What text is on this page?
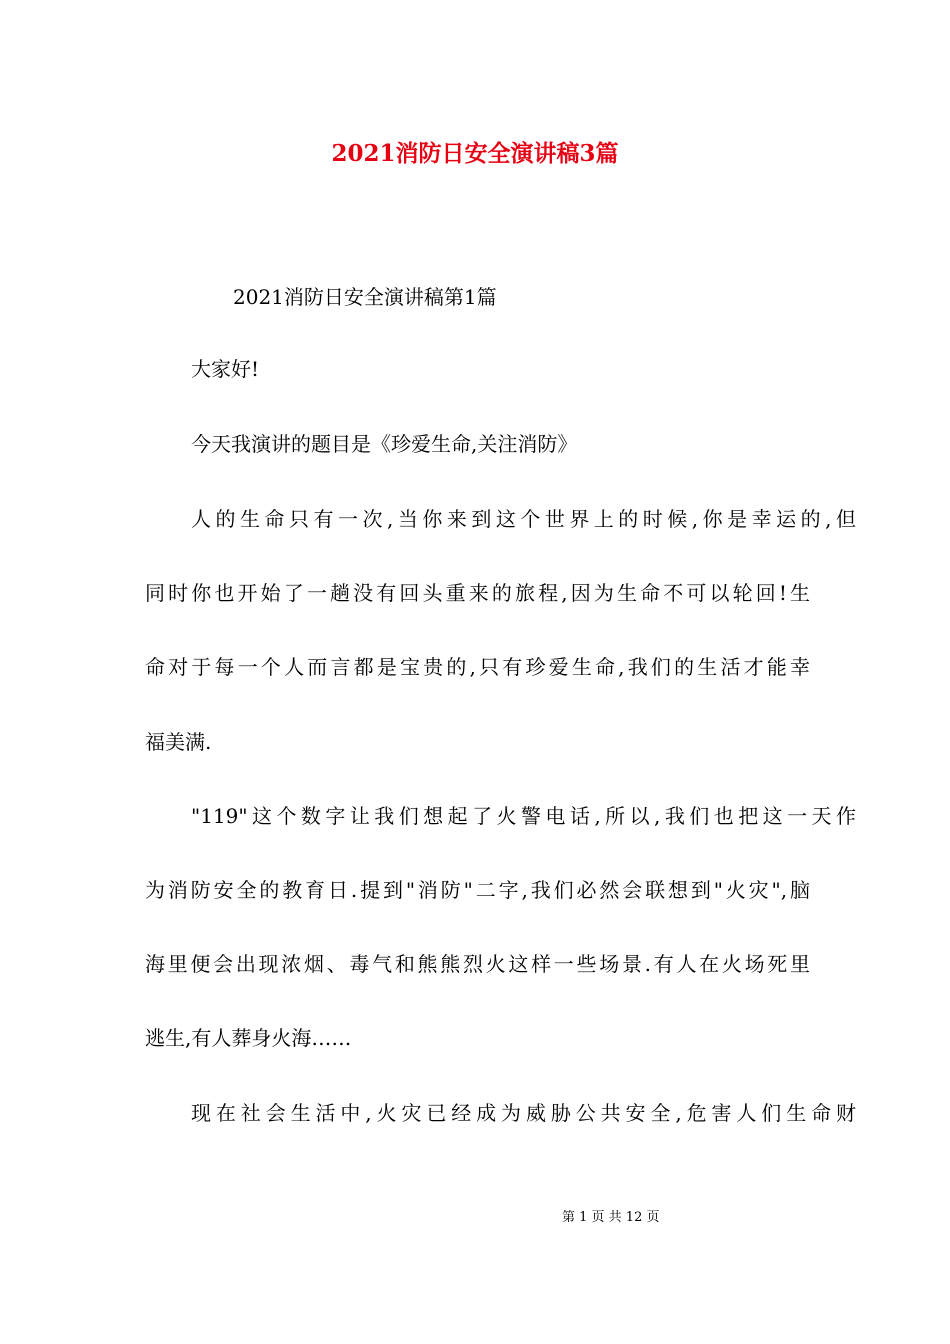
2021消防日安全演讲稿3篇

2021消防日安全演讲稿第1篇

大家好!

今天我演讲的题目是《珍爱生命,关注消防》

人的生命只有一次,当你来到这个世界上的时候,你是幸运的,但

同时你也开始了一趟没有回头重来的旅程,因为生命不可以轮回!生

命对于每一个人而言都是宝贵的,只有珍爱生命,我们的生活才能幸

福美满.

"119"这个数字让我们想起了火警电话,所以,我们也把这一天作

为消防安全的教育日.提到"消防"二字,我们必然会联想到"火灾",脑

海里便会出现浓烟、毒气和熊熊烈火这样一些场景.有人在火场死里

逃生,有人葬身火海……

现在社会生活中,火灾已经成为威胁公共安全,危害人们生命财

第 1 页 共 12 页
